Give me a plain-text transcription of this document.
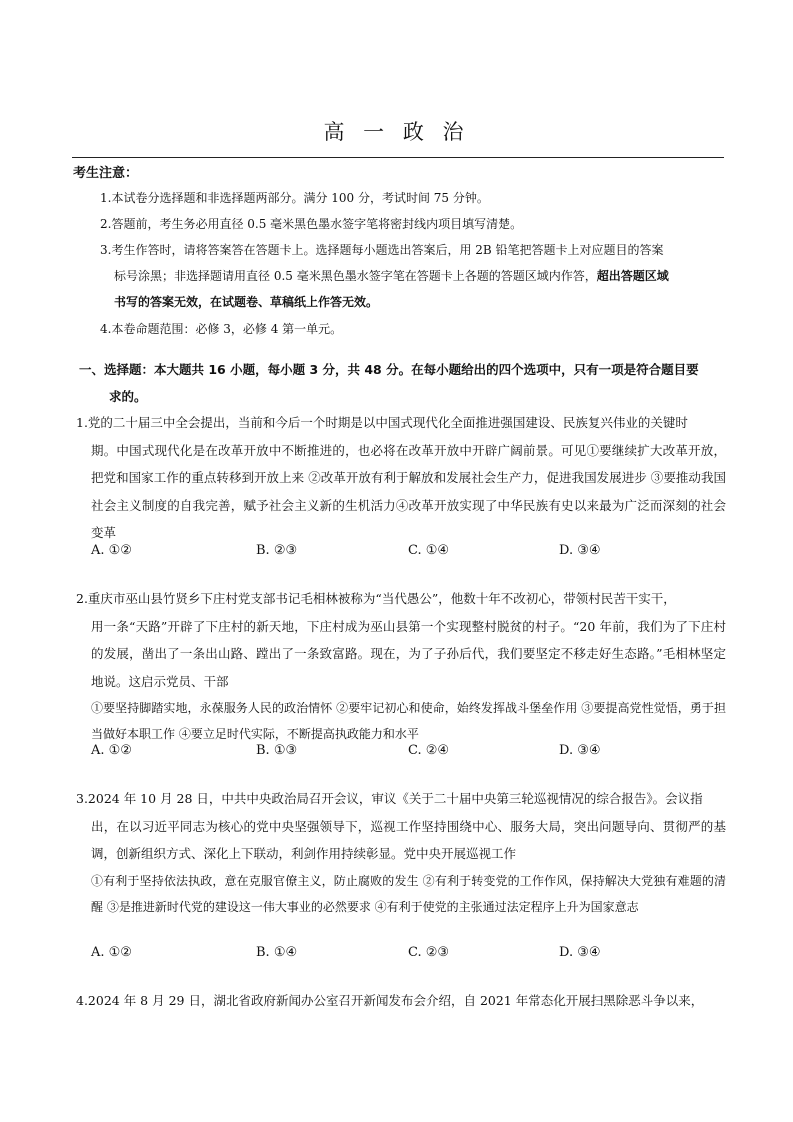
高 一 政 治
考生注意：
1.本试卷分选择题和非选择题两部分。满分 100 分，考试时间 75 分钟。
2.答题前，考生务必用直径 0.5 毫米黑色墨水签字笔将密封线内项目填写清楚。
3.考生作答时，请将答案答在答题卡上。选择题每小题选出答案后，用 2B 铅笔把答题卡上对应题目的答案
标号涂黑；非选择题请用直径 0.5 毫米黑色墨水签字笔在答题卡上各题的答题区域内作答，超出答题区域
书写的答案无效，在试题卷、草稿纸上作答无效。
4.本卷命题范围：必修 3，必修 4 第一单元。
一、选择题：本大题共 16 小题，每小题 3 分，共 48 分。在每小题给出的四个选项中，只有一项是符合题目要
求的。
1.党的二十届三中全会提出，当前和今后一个时期是以中国式现代化全面推进强国建设、民族复兴伟业的关键时
期。中国式现代化是在改革开放中不断推进的，也必将在改革开放中开辟广阔前景。可见①要继续扩大改革开放，把党和国家工作的重点转移到开放上来 ②改革开放有利于解放和发展社会生产力，促进我国发展进步 ③要推动我国社会主义制度的自我完善，赋予社会主义新的生机活力④改革开放实现了中华民族有史以来最为广泛而深刻的社会变革
A. ①②	B. ②③	C. ①④	D. ③④
2.重庆市巫山县竹贤乡下庄村党支部书记毛相林被称为“当代愚公”，他数十年不改初心，带领村民苦干实干，
用一条“天路”开辟了下庄村的新天地，下庄村成为巫山县第一个实现整村脱贫的村子。“20 年前，我们为了下庄村的发展，凿出了一条出山路、蹚出了一条致富路。现在，为了子孙后代，我们要坚定不移走好生态路。”毛相林坚定地说。这启示党员、干部
①要坚持脚踏实地，永葆服务人民的政治情怀 ②要牢记初心和使命，始终发挥战斗堡垒作用 ③要提高党性觉悟，勇于担当做好本职工作 ④要立足时代实际，不断提高执政能力和水平
A. ①②	B. ①③	C. ②④	D. ③④
3.2024 年 10 月 28 日，中共中央政治局召开会议，审议《关于二十届中央第三轮巡视情况的综合报告》。会议指
出，在以习近平同志为核心的党中央坚强领导下，巡视工作坚持围绕中心、服务大局，突出问题导向、贯彻严的基调，创新组织方式、深化上下联动，利剑作用持续彰显。党中央开展巡视工作
①有利于坚持依法执政，意在克服官僚主义，防止腐败的发生 ②有利于转变党的工作作风，保持解决大党独有难题的清醒 ③是推进新时代党的建设这一伟大事业的必然要求 ④有利于使党的主张通过法定程序上升为国家意志
A. ①②	B. ①④	C. ②③	D. ③④
4.2024 年 8 月 29 日，湖北省政府新闻办公室召开新闻发布会介绍，自 2021 年常态化开展扫黑除恶斗争以来，
